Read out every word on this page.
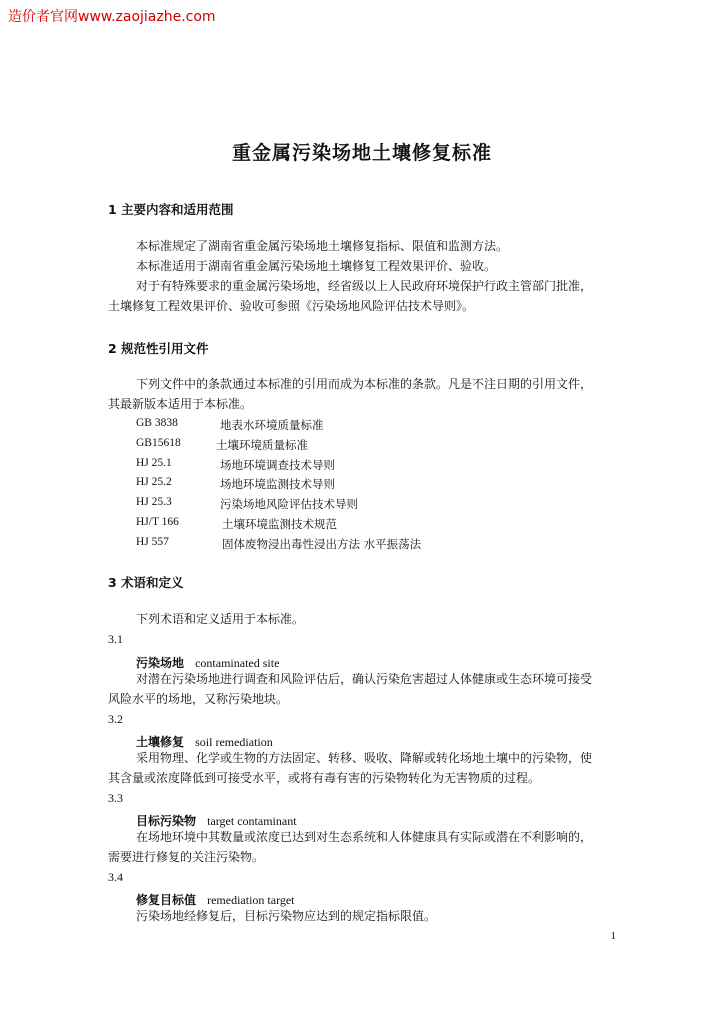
造价者官网www.zaojiazhe.com
重金属污染场地土壤修复标准
1 主要内容和适用范围
本标准规定了湖南省重金属污染场地土壤修复指标、限值和监测方法。
本标准适用于湖南省重金属污染场地土壤修复工程效果评价、验收。
对于有特殊要求的重金属污染场地，经省级以上人民政府环境保护行政主管部门批准，
土壤修复工程效果评价、验收可参照《污染场地风险评估技术导则》。
2 规范性引用文件
下列文件中的条款通过本标准的引用而成为本标准的条款。凡是不注日期的引用文件，
其最新版本适用于本标准。
GB 3838	地表水环境质量标准
GB15618	土壤环境质量标准
HJ 25.1	场地环境调查技术导则
HJ 25.2	场地环境监测技术导则
HJ 25.3	污染场地风险评估技术导则
HJ/T 166	土壤环境监测技术规范
HJ 557	固体废物浸出毒性浸出方法 水平振荡法
3 术语和定义
下列术语和定义适用于本标准。
3.1
污染场地 contaminated site
对潜在污染场地进行调查和风险评估后，确认污染危害超过人体健康或生态环境可接受
风险水平的场地，又称污染地块。
3.2
土壤修复 soil remediation
采用物理、化学或生物的方法固定、转移、吸收、降解或转化场地土壤中的污染物，使
其含量或浓度降低到可接受水平，或将有毒有害的污染物转化为无害物质的过程。
3.3
目标污染物 target contaminant
在场地环境中其数量或浓度已达到对生态系统和人体健康具有实际或潜在不利影响的，
需要进行修复的关注污染物。
3.4
修复目标值 remediation target
污染场地经修复后，目标污染物应达到的规定指标限值。
1
